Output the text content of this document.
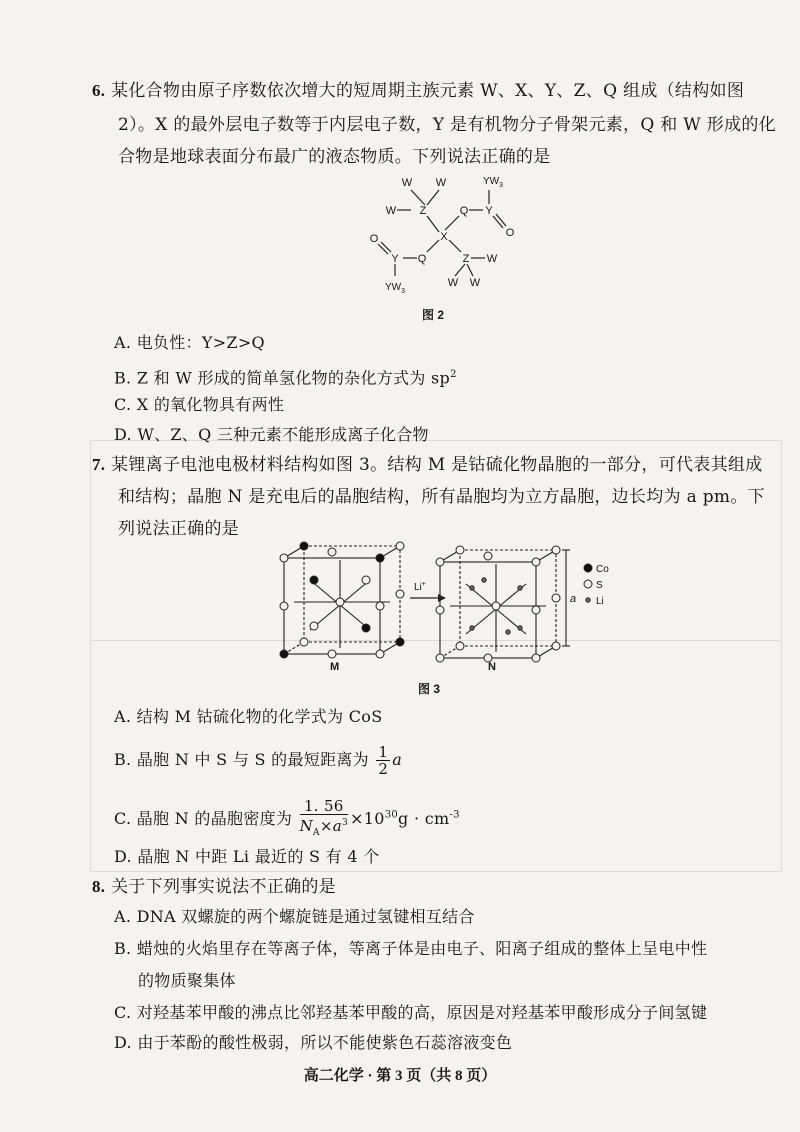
6. 某化合物由原子序数依次增大的短周期主族元素 W、X、Y、Z、Q 组成（结构如图
2）。X 的最外层电子数等于内层电子数，Y 是有机物分子骨架元素，Q 和 W 形成的化
合物是地球表面分布最广的液态物质。下列说法正确的是
W W
W Z
X
Q Y
O
Z W
W W
Q
Y
O
$YW_3$
$YW_3$
图 2
A. 电负性：Y>Z>Q
B. Z 和 W 形成的简单氢化物的杂化方式为 $sp^2$
C. X 的氧化物具有两性
D. W、Z、Q 三种元素不能形成离子化合物
7. 某锂离子电池电极材料结构如图 3。结构 M 是钴硫化物晶胞的一部分，可代表其组成
和结构；晶胞 N 是充电后的晶胞结构，所有晶胞均为立方晶胞，边长均为 a pm。下
列说法正确的是
Li+
a
Co
S
Li
M	N
图 3
A. 结构 M 钴硫化物的化学式为 CoS
B. 晶胞 N 中 S 与 S 的最短距离为 $\frac{1}{2}$ a
C. 晶胞 N 的晶胞密度为 $\frac{1. 56}{N_A\times a^3} \times 10^{30}g \cdot cm^{-3}$
D. 晶胞 N 中距 Li 最近的 S 有 4 个
8. 关于下列事实说法不正确的是
A. DNA 双螺旋的两个螺旋链是通过氢键相互结合
B. 蜡烛的火焰里存在等离子体，等离子体是由电子、阳离子组成的整体上呈电中性
的物质聚集体
C. 对羟基苯甲酸的沸点比邻羟基苯甲酸的高，原因是对羟基苯甲酸形成分子间氢键
D. 由于苯酚的酸性极弱，所以不能使紫色石蕊溶液变色
高二化学 · 第 3 页（共 8 页）
